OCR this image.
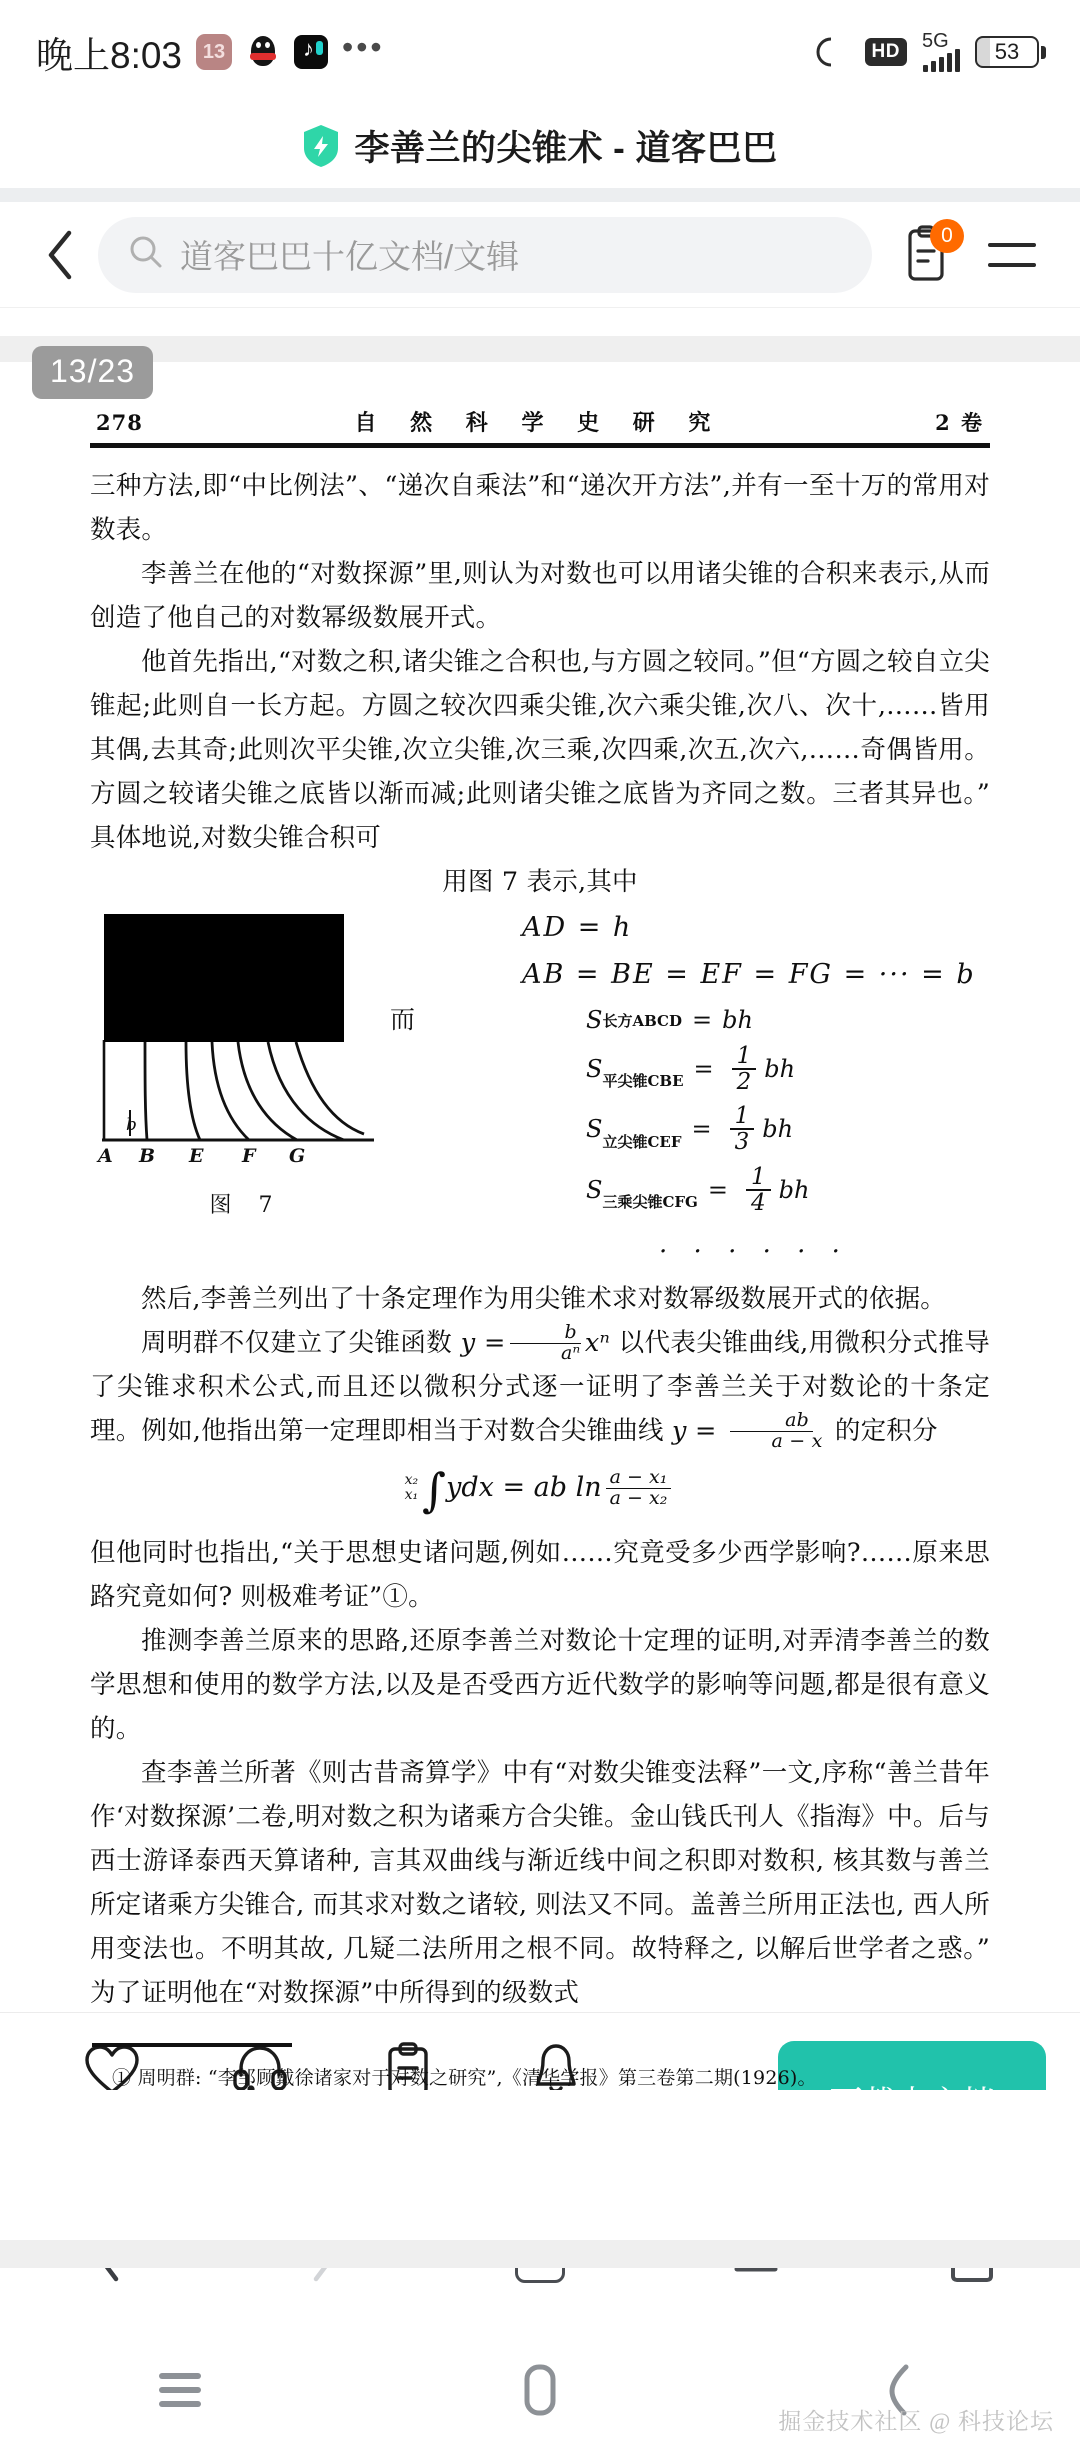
晚上8:03	13 ♪	•••	HD	5G 53
李善兰的尖锥术 - 道客巴巴
道客巴巴十亿文档/文辑
0
13/23
278	自 然 科 学 史 研 究	2 卷

三种方法,即“中比例法”、“递次自乘法”和“递次开方法”,并有一至十万的常用对数表。

李善兰在他的“对数探源”里,则认为对数也可以用诸尖锥的合积来表示,从而创造了他自己的对数幂级数展开式。

他首先指出,“对数之积,诸尖锥之合积也,与方圆之较同。”但“方圆之较自立尖锥起;此则自一长方起。方圆之较次四乘尖锥,次六乘尖锥,次八、次十,……皆用其偶,去其奇;此则次平尖锥,次立尖锥,次三乘,次四乘,次五,次六,……奇偶皆用。方圆之较诸尖锥之底皆以渐而减;此则诸尖锥之底皆为齐同之数。三者其异也。”具体地说,对数尖锥合积可

用图 7 表示,其中

b
A B E F G
图 7
而
AD = h
AB = BE = EF = FG = ··· = b
S 长方ABCD = bh
S 平尖锥CBE = $\frac{1}{2}$ bh
S 立尖锥CEF = $\frac{1}{3}$ bh
S 三乘尖锥CFG = $\frac{1}{4}$ bh
· · · · · ·

然后,李善兰列出了十条定理作为用尖锥术求对数幂级数展开式的依据。

周明群不仅建立了尖锥函数 $y = \frac{b}{\text{aⁿ}}$ xⁿ 以代表尖锥曲线,用微积分式推导了尖锥求积术公式,而且还以微积分式逐一证明了李善兰关于对数论的十条定理。例如,他指出第一定理即相当于对数合尖锥曲线 $y = \frac{ab}{a - x}$ 的定积分

x₂
x₁ ∫ydx = ab $\ln \frac{\text{a − x₁}}{\text{a − x₂}}$

但他同时也指出,“关于思想史诸问题,例如……究竟受多少西学影响?……原来思路究竟如何? 则极难考证”①。

推测李善兰原来的思路,还原李善兰对数论十定理的证明,对弄清李善兰的数学思想和使用的数学方法,以及是否受西方近代数学的影响等问题,都是很有意义的。

查李善兰所著《则古昔斋算学》中有“对数尖锥变法释”一文,序称“善兰昔年作‘对数探源’二卷,明对数之积为诸乘方合尖锥。金山钱氏刊人《指海》中。后与西士游译泰西天算诸种, 言其双曲线与渐近线中间之积即对数积, 核其数与善兰所定诸乘方尖锥合, 而其求对数之诸较, 则法又不同。盖善兰所用正法也, 西人所用变法也。不明其故, 几疑二法所用之根不同。故特释之, 以解后世学者之惑。”为了证明他在“对数探源”中所得到的级数式

① 周明群: “李邹顾戴徐诸家对于对数之研究”,《清华学报》第三卷第二期(1926)。
掘金技术社区 @ 科技论坛
